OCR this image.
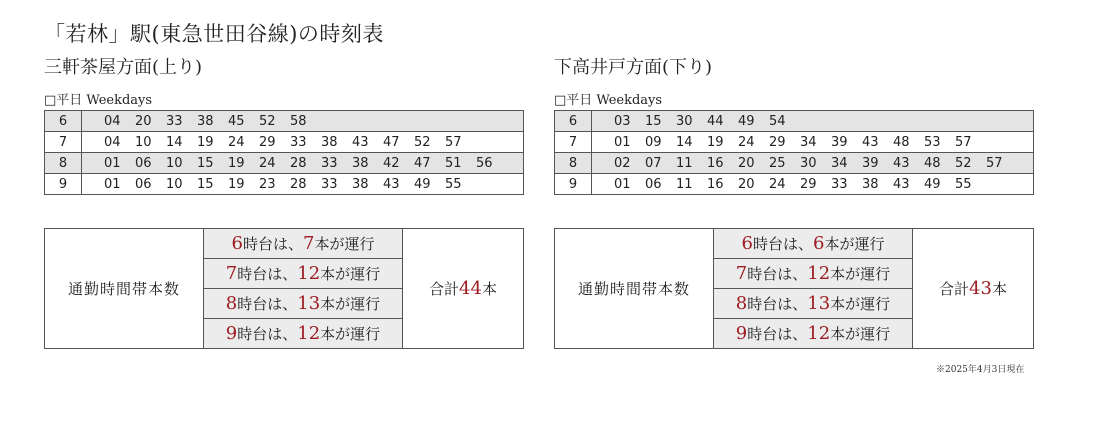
「若林」駅(東急世田谷線)の時刻表
三軒茶屋方面(上り)
□平日 Weekdays
6	04 20 33 38 45 52 58
7	04 10 14 19 24 29 33 38 43 47 52 57
8	01 06 10 15 19 24 28 33 38 42 47 51 56
9	01 06 10 15 19 23 28 33 38 43 49 55
通勤時間帯本数	6時台は、7本が運行	合計44本
7時台は、12本が運行
8時台は、13本が運行
9時台は、12本が運行
下高井戸方面(下り)
□平日 Weekdays
6	03 15 30 44 49 54
7	01 09 14 19 24 29 34 39 43 48 53 57
8	02 07 11 16 20 25 30 34 39 43 48 52 57
9	01 06 11 16 20 24 29 33 38 43 49 55
通勤時間帯本数	6時台は、6本が運行	合計43本
7時台は、12本が運行
8時台は、13本が運行
9時台は、12本が運行
※2025年4月3日現在
